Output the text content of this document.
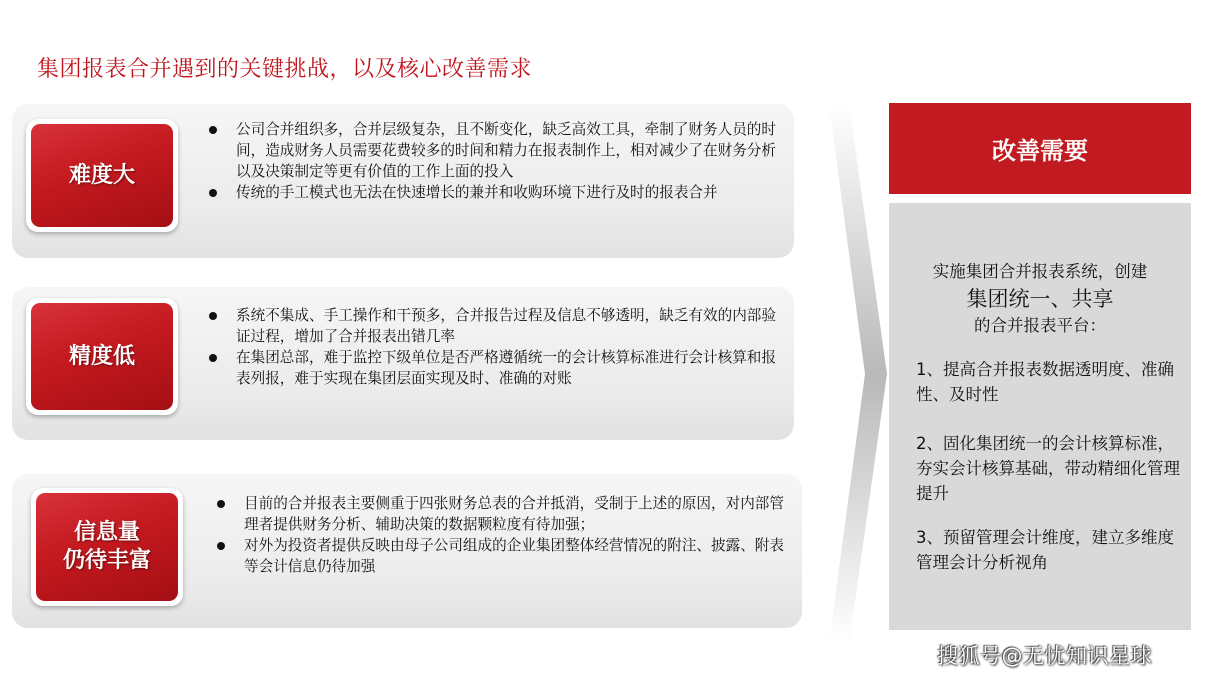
集团报表合并遇到的关键挑战，以及核心改善需求
难度大
公司合并组织多，合并层级复杂，且不断变化，缺乏高效工具，牵制了财务人员的时间，造成财务人员需要花费较多的时间和精力在报表制作上，相对减少了在财务分析以及决策制定等更有价值的工作上面的投入
传统的手工模式也无法在快速增长的兼并和收购环境下进行及时的报表合并
精度低
系统不集成、手工操作和干预多，合并报告过程及信息不够透明，缺乏有效的内部验证过程，增加了合并报表出错几率
在集团总部，难于监控下级单位是否严格遵循统一的会计核算标准进行会计核算和报表列报，难于实现在集团层面实现及时、准确的对账
信息量
仍待丰富
目前的合并报表主要侧重于四张财务总表的合并抵消，受制于上述的原因，对内部管理者提供财务分析、辅助决策的数据颗粒度有待加强；
对外为投资者提供反映由母子公司组成的企业集团整体经营情况的附注、披露、附表等会计信息仍待加强
改善需要
实施集团合并报表系统，创建
集团统一、共享
的合并报表平台：
1、提高合并报表数据透明度、准确性、及时性
2、固化集团统一的会计核算标准，夯实会计核算基础，带动精细化管理提升
3、预留管理会计维度，建立多维度管理会计分析视角
搜狐号@无忧知识星球
